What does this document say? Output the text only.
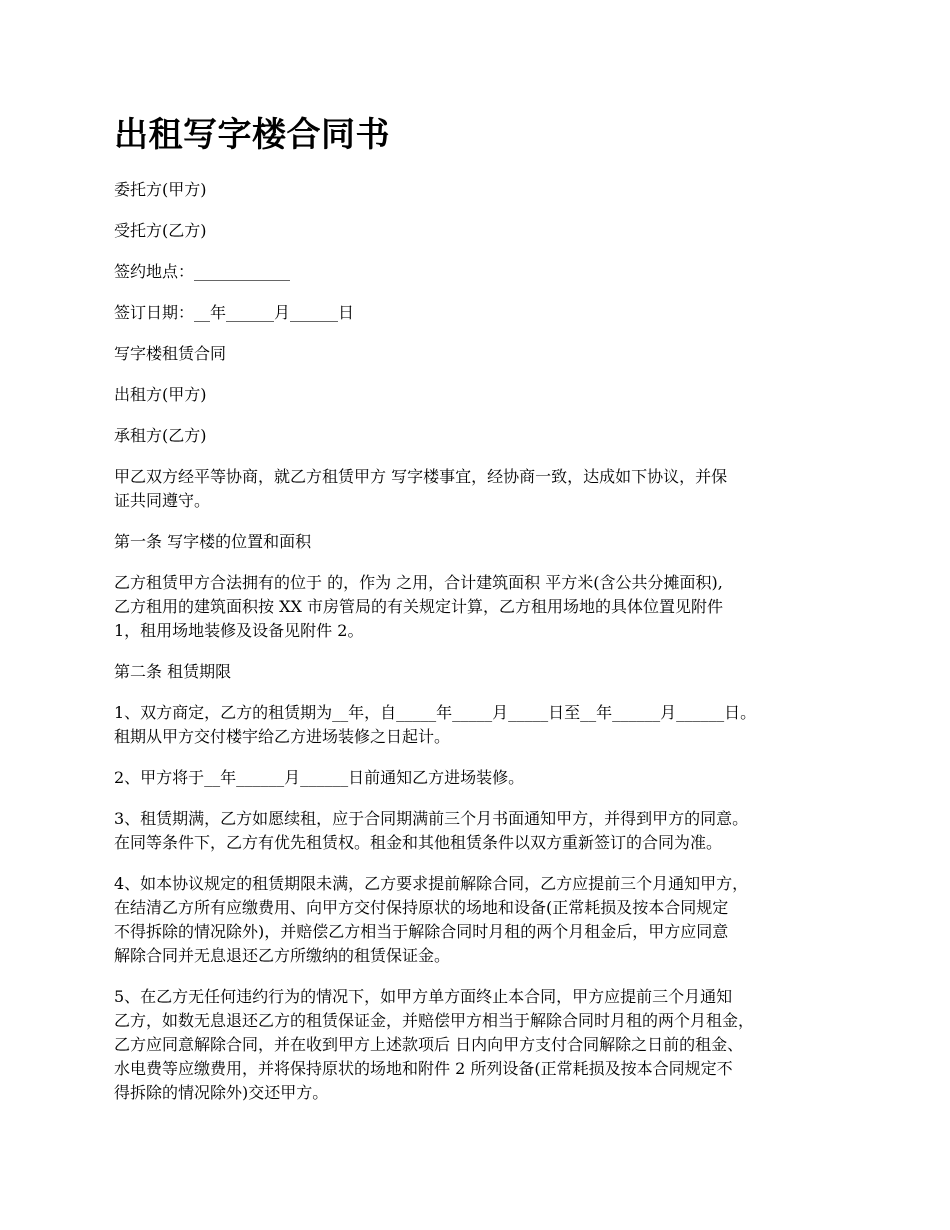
出租写字楼合同书

委托方(甲方)

受托方(乙方)

签约地点：____________

签订日期：__年______月______日

写字楼租赁合同

出租方(甲方)

承租方(乙方)

甲乙双方经平等协商，就乙方租赁甲方 写字楼事宜，经协商一致，达成如下协议，并保
证共同遵守。

第一条 写字楼的位置和面积

乙方租赁甲方合法拥有的位于 的，作为 之用，合计建筑面积 平方米(含公共分摊面积),
乙方租用的建筑面积按 XX 市房管局的有关规定计算，乙方租用场地的具体位置见附件
1，租用场地装修及设备见附件 2。

第二条 租赁期限

1、双方商定，乙方的租赁期为__年，自_____年_____月_____日至__年______月______日。
租期从甲方交付楼宇给乙方进场装修之日起计。

2、甲方将于__年______月______日前通知乙方进场装修。

3、租赁期满，乙方如愿续租，应于合同期满前三个月书面通知甲方，并得到甲方的同意。
在同等条件下，乙方有优先租赁权。租金和其他租赁条件以双方重新签订的合同为准。

4、如本协议规定的租赁期限未满，乙方要求提前解除合同，乙方应提前三个月通知甲方，
在结清乙方所有应缴费用、向甲方交付保持原状的场地和设备(正常耗损及按本合同规定
不得拆除的情况除外)，并赔偿乙方相当于解除合同时月租的两个月租金后，甲方应同意
解除合同并无息退还乙方所缴纳的租赁保证金。

5、在乙方无任何违约行为的情况下，如甲方单方面终止本合同，甲方应提前三个月通知
乙方，如数无息退还乙方的租赁保证金，并赔偿甲方相当于解除合同时月租的两个月租金，
乙方应同意解除合同，并在收到甲方上述款项后 日内向甲方支付合同解除之日前的租金、
水电费等应缴费用，并将保持原状的场地和附件 2 所列设备(正常耗损及按本合同规定不
得拆除的情况除外)交还甲方。
